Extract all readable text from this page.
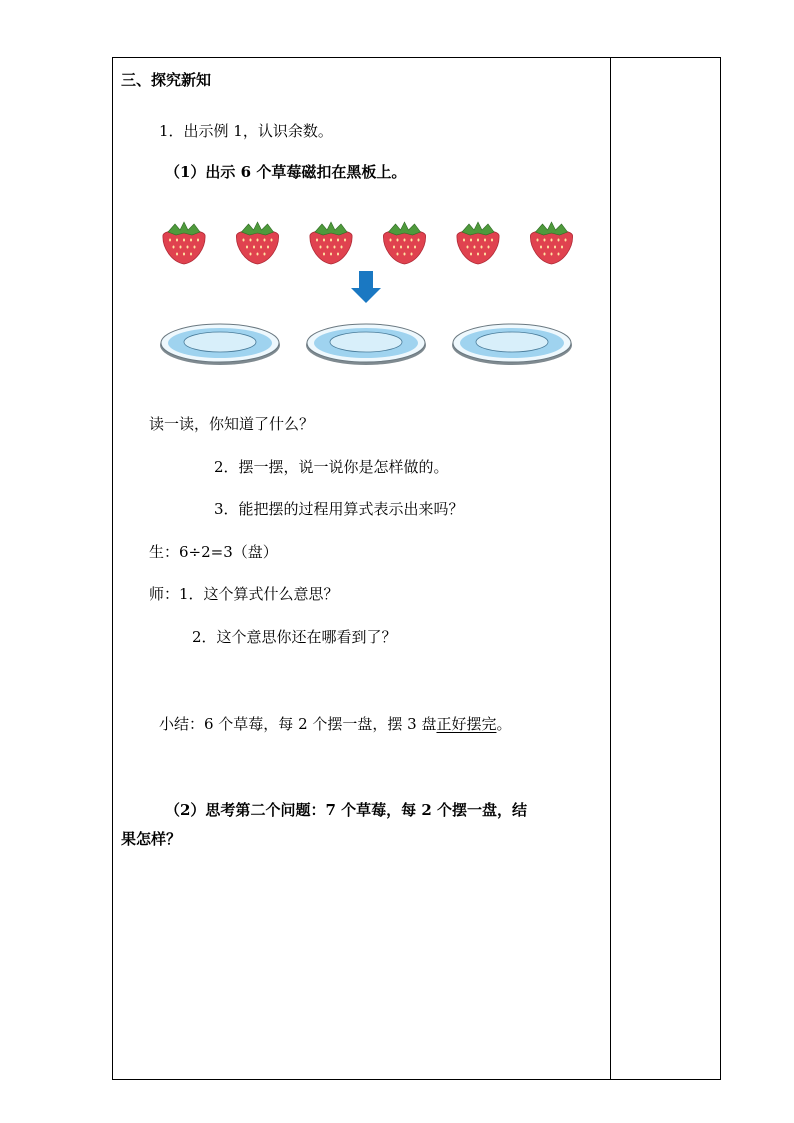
三、探究新知
1．出示例 1，认识余数。
（1）出示 6 个草莓磁扣在黑板上。
读一读，你知道了什么？
2．摆一摆，说一说你是怎样做的。
3．能把摆的过程用算式表示出来吗？
生：6÷2=3（盘）
师：1．这个算式什么意思？
2．这个意思你还在哪看到了？
小结：6 个草莓，每 2 个摆一盘，摆 3 盘正好摆完。
（2）思考第二个问题：7 个草莓，每 2 个摆一盘，结
果怎样？
